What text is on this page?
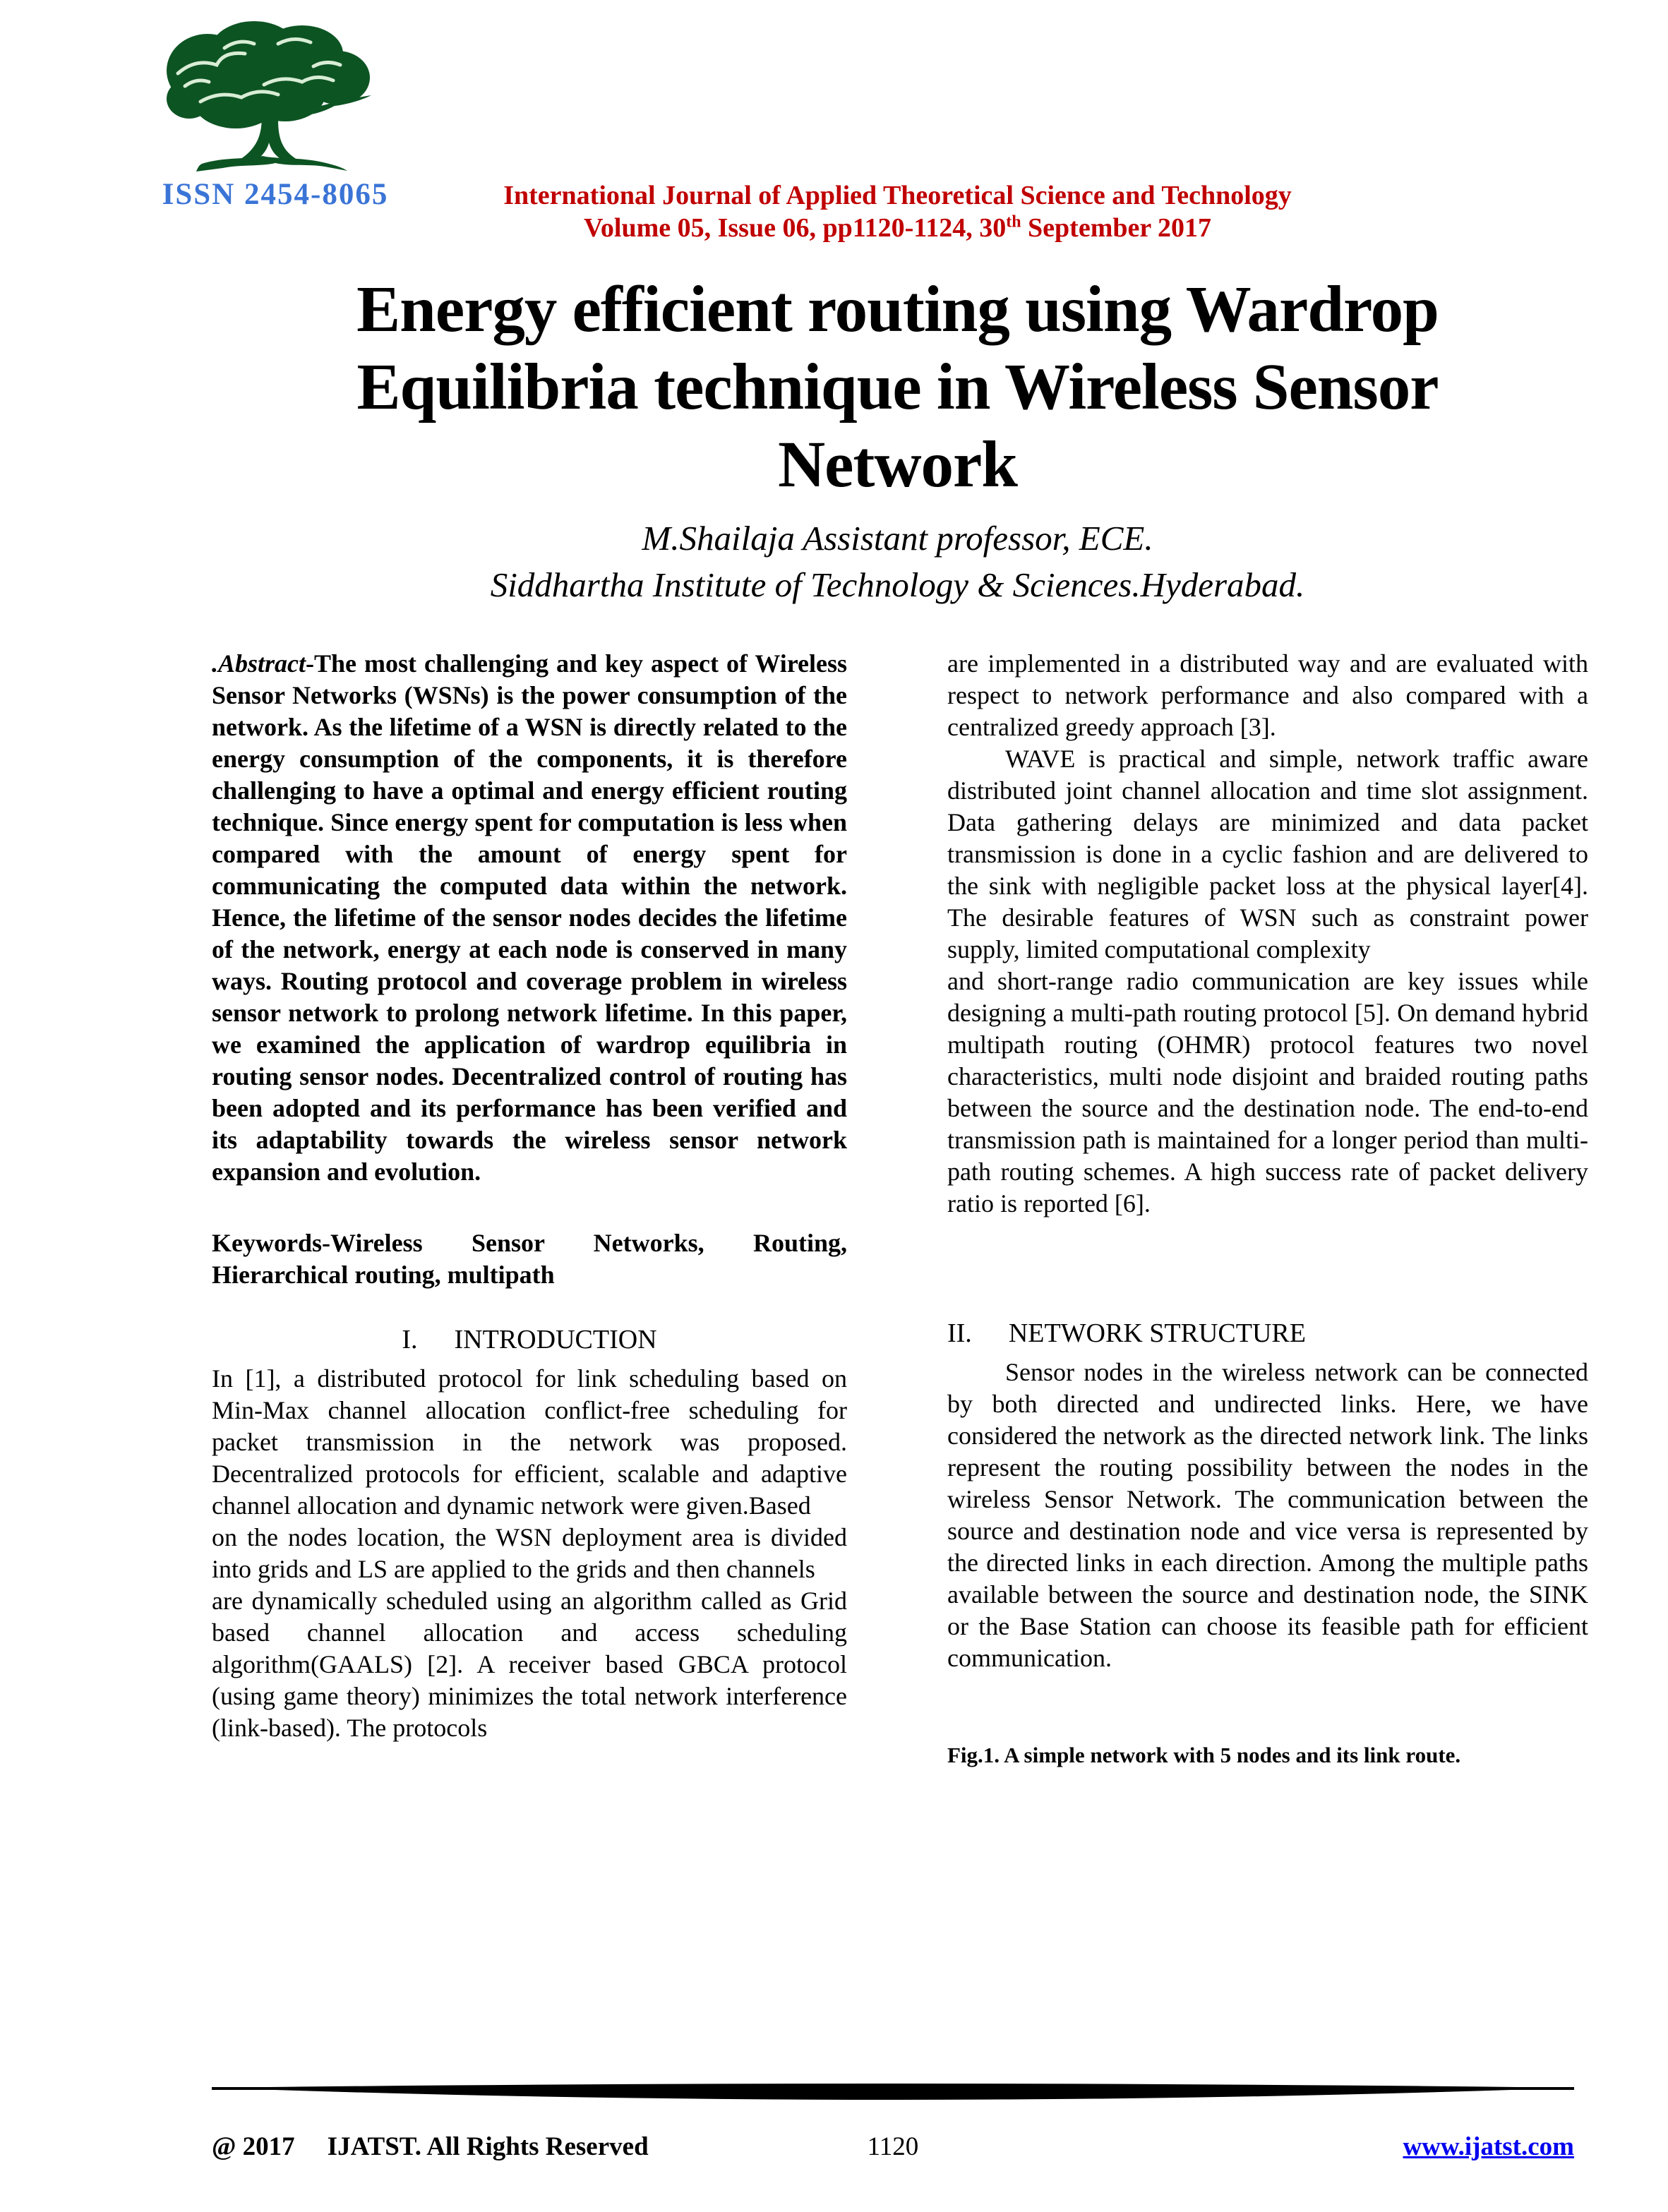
ISSN 2454-8065	International Journal of Applied Theoretical Science and Technology
Volume 05, Issue 06, pp1120-1124, 30th September 2017
Energy efficient routing using Wardrop
Equilibria technique in Wireless Sensor
Network
M.Shailaja Assistant professor, ECE.
Siddhartha Institute of Technology & Sciences.Hyderabad.

.Abstract-The most challenging and key aspect of Wireless Sensor Networks (WSNs) is the power consumption of the network. As the lifetime of a WSN is directly related to the energy consumption of the components, it is therefore challenging to have a optimal and energy efficient routing technique. Since energy spent for computation is less when compared with the amount of energy spent for communicating the computed data within the network. Hence, the lifetime of the sensor nodes decides the lifetime of the network, energy at each node is conserved in many ways. Routing protocol and coverage problem in wireless sensor network to prolong network lifetime. In this paper, we examined the application of wardrop equilibria in routing sensor nodes. Decentralized control of routing has been adopted and its performance has been verified and its adaptability towards the wireless sensor network expansion and evolution.

Keywords-Wireless Sensor Networks, Routing, Hierarchical routing, multipath

I. INTRODUCTION

In [1], a distributed protocol for link scheduling based on Min-Max channel allocation conflict-free scheduling for packet transmission in the network was proposed. Decentralized protocols for efficient, scalable and adaptive channel allocation and dynamic network were given.Based

on the nodes location, the WSN deployment area is divided into grids and LS are applied to the grids and then channels

are dynamically scheduled using an algorithm called as Grid based channel allocation and access scheduling algorithm(GAALS) [2]. A receiver based GBCA protocol (using game theory) minimizes the total network interference (link-based). The protocols

are implemented in a distributed way and are evaluated with respect to network performance and also compared with a centralized greedy approach [3].

WAVE is practical and simple, network traffic aware distributed joint channel allocation and time slot assignment. Data gathering delays are minimized and data packet transmission is done in a cyclic fashion and are delivered to the sink with negligible packet loss at the physical layer[4]. The desirable features of WSN such as constraint power supply, limited computational complexity

and short-range radio communication are key issues while designing a multi-path routing protocol [5]. On demand hybrid multipath routing (OHMR) protocol features two novel characteristics, multi node disjoint and braided routing paths between the source and the destination node. The end-to-end transmission path is maintained for a longer period than multi-path routing schemes. A high success rate of packet delivery ratio is reported [6].

II. NETWORK STRUCTURE

Sensor nodes in the wireless network can be connected by both directed and undirected links. Here, we have considered the network as the directed network link. The links represent the routing possibility between the nodes in the wireless Sensor Network. The communication between the source and destination node and vice versa is represented by the directed links in each direction. Among the multiple paths available between the source and destination node, the SINK or the Base Station can choose its feasible path for efficient communication.

Fig.1. A simple network with 5 nodes and its link route.

@ 2017 IJATST. All Rights Reserved	1120	www.ijatst.com
